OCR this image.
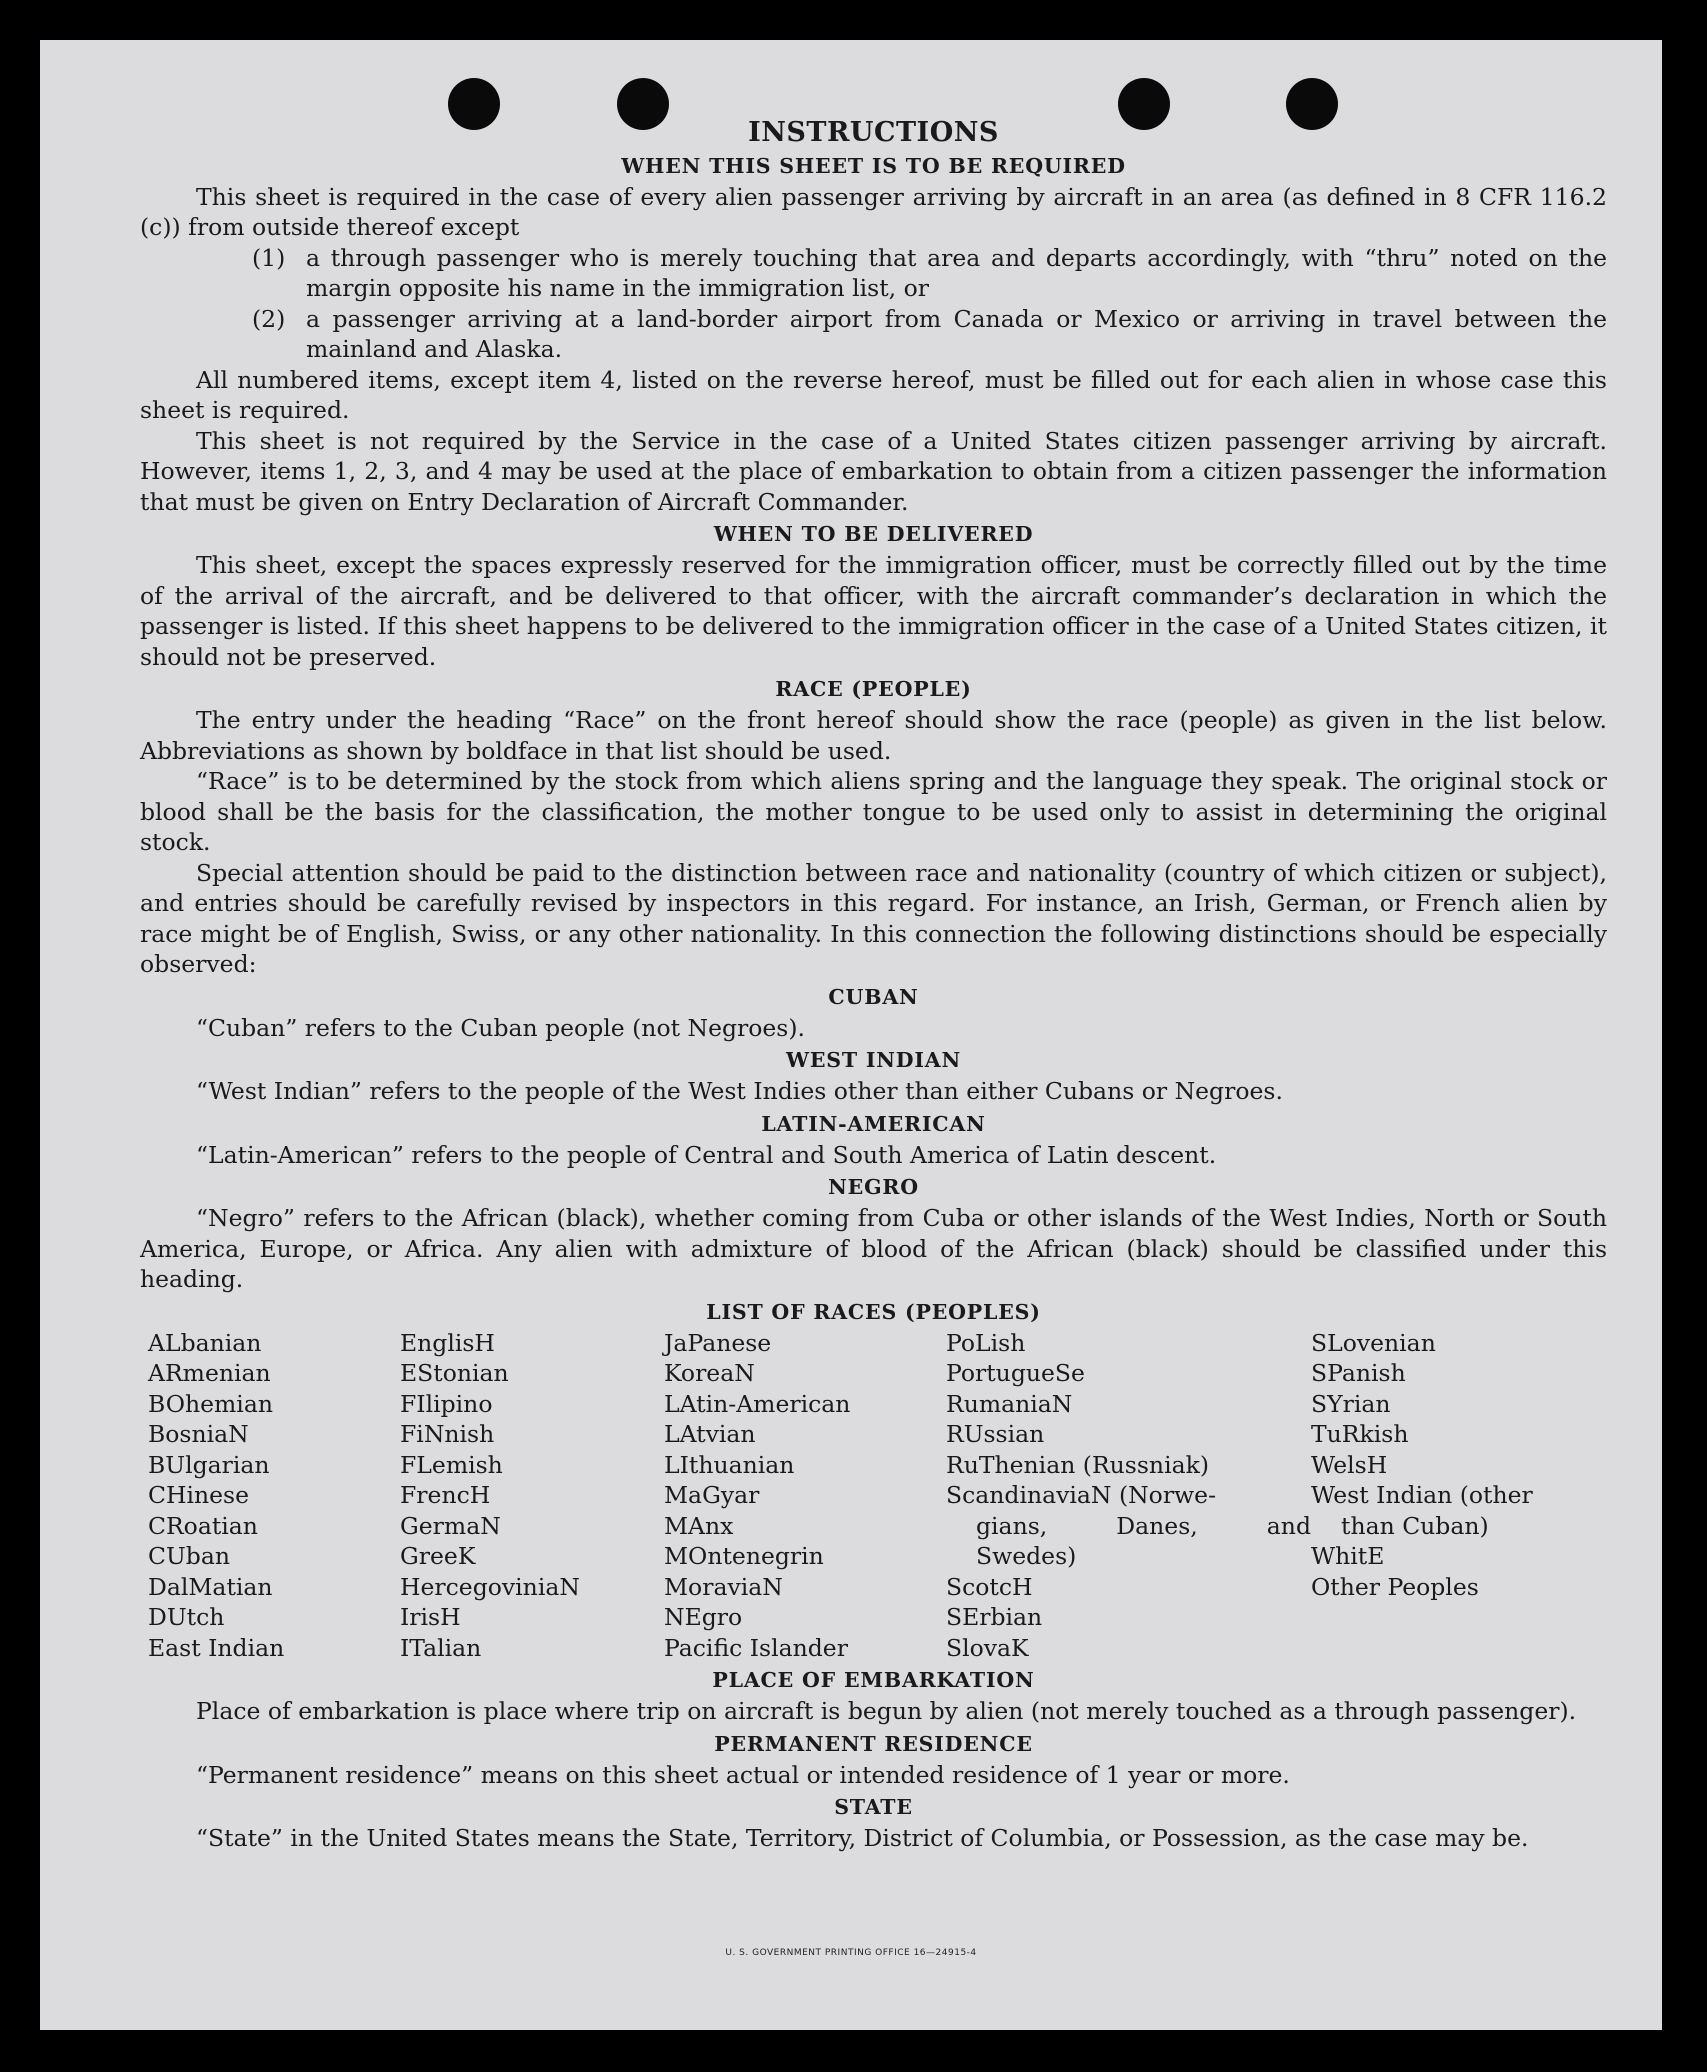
INSTRUCTIONS
WHEN THIS SHEET IS TO BE REQUIRED

This sheet is required in the case of every alien passenger arriving by aircraft in an area (as defined in 8 CFR 116.2 (c)) from outside thereof except

(1) a through passenger who is merely touching that area and departs accordingly, with “thru” noted on the margin opposite his name in the immigration list, or
(2) a passenger arriving at a land-border airport from Canada or Mexico or arriving in travel between the mainland and Alaska.

All numbered items, except item 4, listed on the reverse hereof, must be filled out for each alien in whose case this sheet is required.

This sheet is not required by the Service in the case of a United States citizen passenger arriving by aircraft. However, items 1, 2, 3, and 4 may be used at the place of embarkation to obtain from a citizen passenger the information that must be given on Entry Declaration of Aircraft Commander.

WHEN TO BE DELIVERED

This sheet, except the spaces expressly reserved for the immigration officer, must be correctly filled out by the time of the arrival of the aircraft, and be delivered to that officer, with the aircraft commander’s declaration in which the passenger is listed. If this sheet happens to be delivered to the immigration officer in the case of a United States citizen, it should not be preserved.

RACE (PEOPLE)

The entry under the heading “Race” on the front hereof should show the race (people) as given in the list below. Abbreviations as shown by boldface in that list should be used.

“Race” is to be determined by the stock from which aliens spring and the language they speak. The original stock or blood shall be the basis for the classification, the mother tongue to be used only to assist in determining the original stock.

Special attention should be paid to the distinction between race and nationality (country of which citizen or subject), and entries should be carefully revised by inspectors in this regard. For instance, an Irish, German, or French alien by race might be of English, Swiss, or any other nationality. In this connection the following distinctions should be especially observed:

CUBAN

“Cuban” refers to the Cuban people (not Negroes).

WEST INDIAN

“West Indian” refers to the people of the West Indies other than either Cubans or Negroes.

LATIN-AMERICAN

“Latin-American” refers to the people of Central and South America of Latin descent.

NEGRO

“Negro” refers to the African (black), whether coming from Cuba or other islands of the West Indies, North or South America, Europe, or Africa. Any alien with admixture of blood of the African (black) should be classified under this heading.

LIST OF RACES (PEOPLES)
ALbanian
ARmenian
BOhemian
BosniaN
BUlgarian
CHinese
CRoatian
CUban
DalMatian
DUtch
East Indian
EnglisH
EStonian
FIlipino
FiNnish
FLemish
FrencH
GermaN
GreeK
HercegoviniaN
IrisH
ITalian
JaPanese
KoreaN
LAtin-American
LAtvian
LIthuanian
MaGyar
MAnx
MOntenegrin
MoraviaN
NEgro
Pacific Islander
PoLish
PortugueSe
RumaniaN
RUssian
RuThenian (Russniak)
ScandinaviaN (Norwe-
gians,	Danes,	and
Swedes)
ScotcH
SErbian
SlovaK
SLovenian
SPanish
SYrian
TuRkish
WelsH
West Indian (other
than Cuban)
WhitE
Other Peoples
PLACE OF EMBARKATION

Place of embarkation is place where trip on aircraft is begun by alien (not merely touched as a through passenger).

PERMANENT RESIDENCE

“Permanent residence” means on this sheet actual or intended residence of 1 year or more.

STATE

“State” in the United States means the State, Territory, District of Columbia, or Possession, as the case may be.

U. S. GOVERNMENT PRINTING OFFICE 16—24915-4
